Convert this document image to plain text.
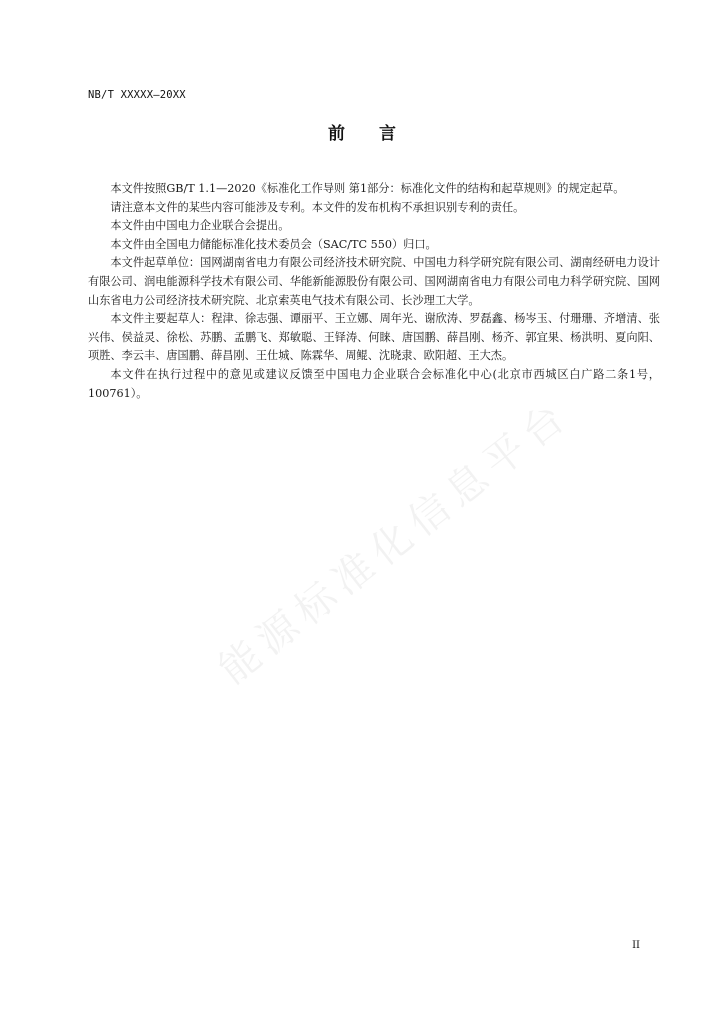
NB/T XXXXX—20XX
前 言

本文件按照GB/T 1.1—2020《标准化工作导则 第1部分：标准化文件的结构和起草规则》的规定起草。

请注意本文件的某些内容可能涉及专利。本文件的发布机构不承担识别专利的责任。

本文件由中国电力企业联合会提出。

本文件由全国电力储能标准化技术委员会（SAC/TC 550）归口。

本文件起草单位：国网湖南省电力有限公司经济技术研究院、中国电力科学研究院有限公司、湖南经研电力设计有限公司、润电能源科学技术有限公司、华能新能源股份有限公司、国网湖南省电力有限公司电力科学研究院、国网山东省电力公司经济技术研究院、北京索英电气技术有限公司、长沙理工大学。

本文件主要起草人：程津、徐志强、谭丽平、王立娜、周年光、谢欣涛、罗磊鑫、杨岑玉、付珊珊、齐增清、张兴伟、侯益灵、徐松、苏鹏、孟鹏飞、郑敏聪、王铎涛、何睐、唐国鹏、薛昌刚、杨齐、郭宜果、杨洪明、夏向阳、项胜、李云丰、唐国鹏、薛昌刚、王仕城、陈霖华、周鲲、沈晓隶、欧阳超、王大杰。

本文件在执行过程中的意见或建议反馈至中国电力企业联合会标准化中心(北京市西城区白广路二条1号，100761）。	能源标准化信息平台
II
